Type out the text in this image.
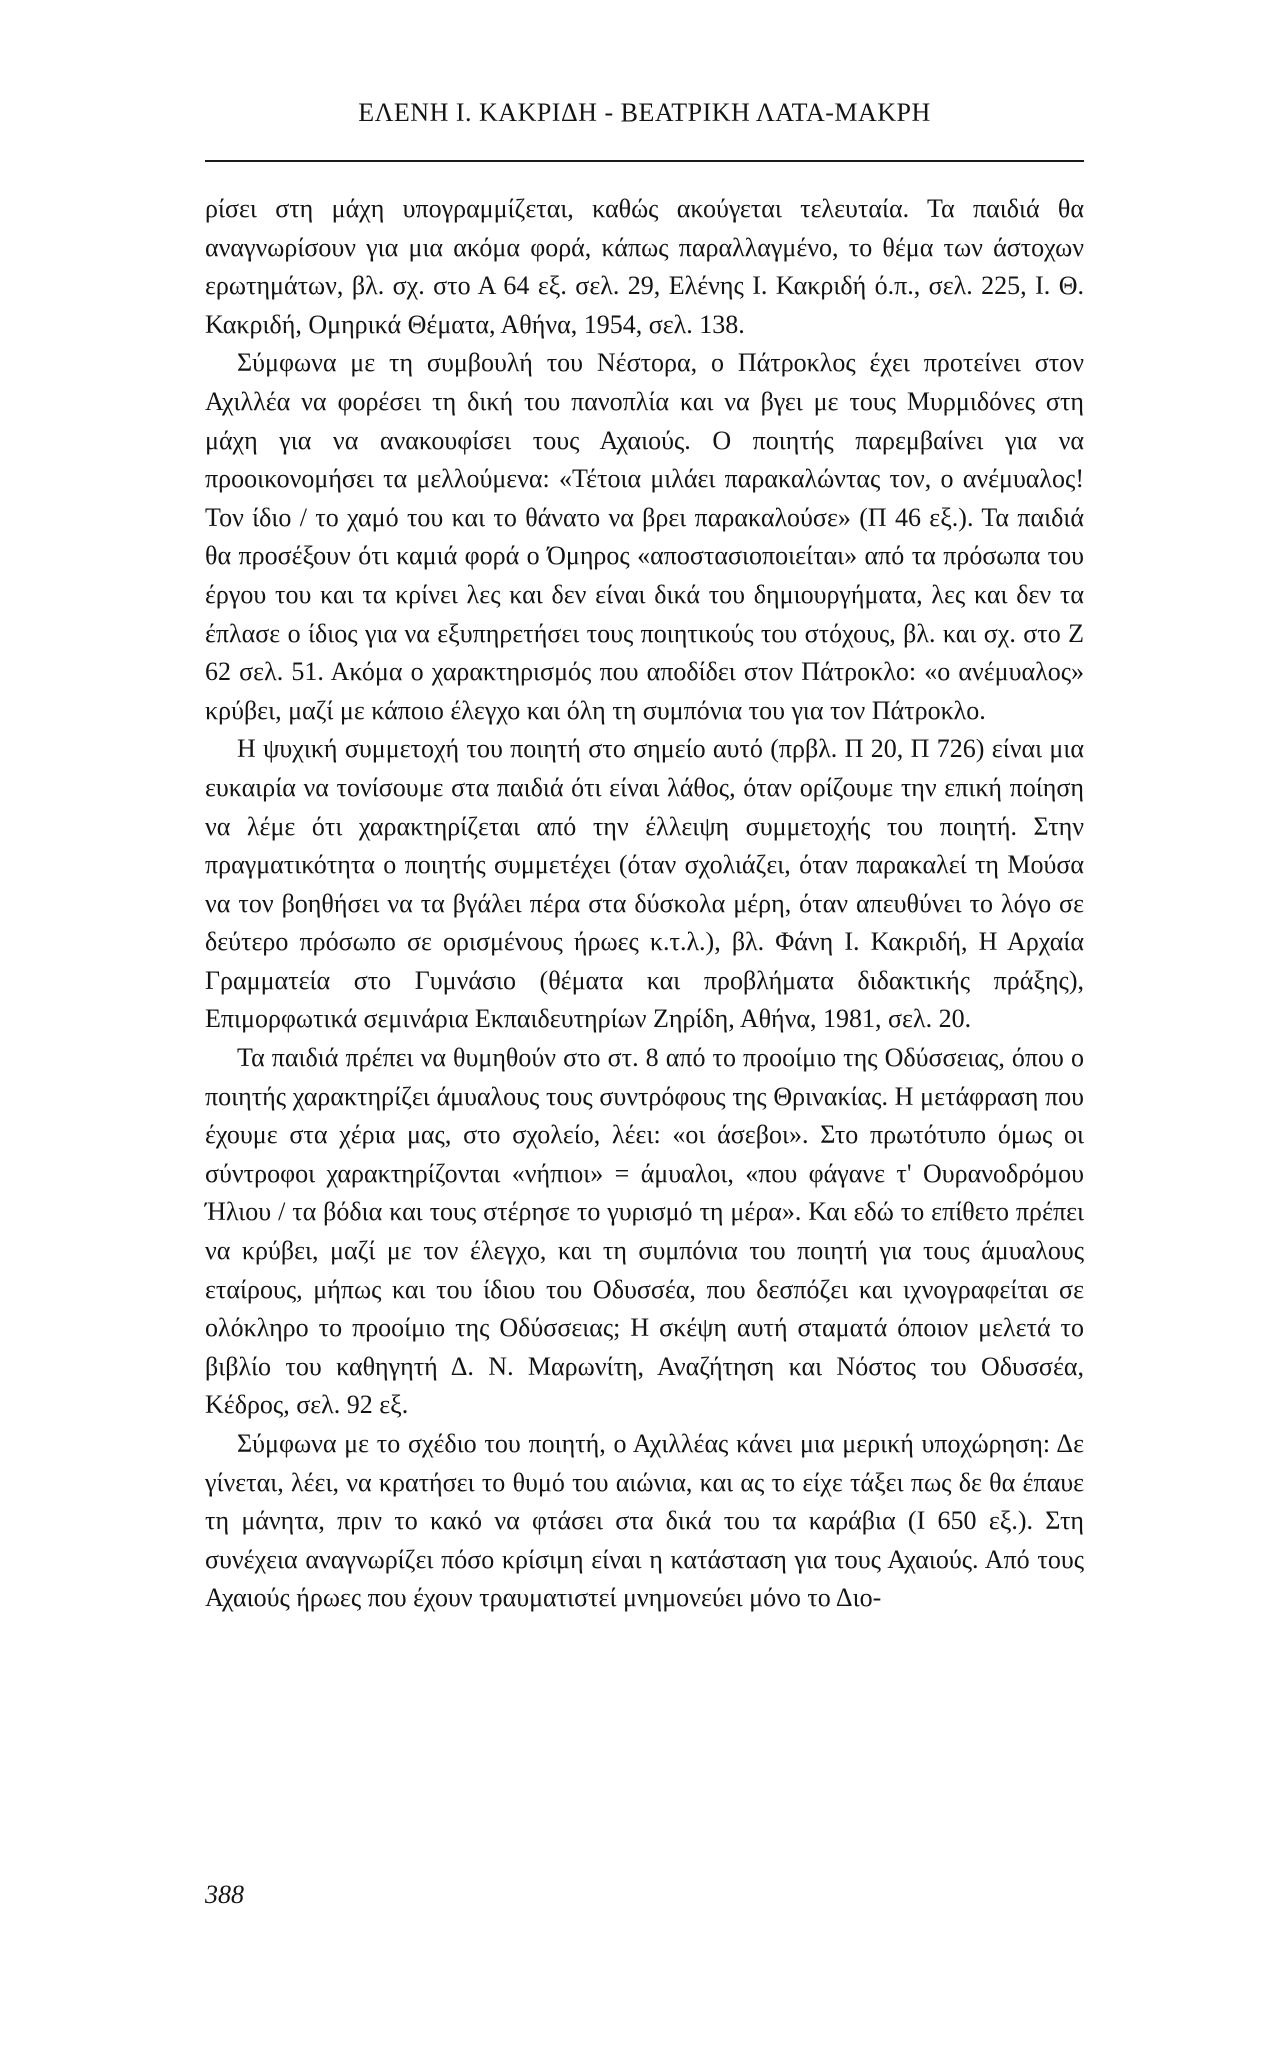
ΕΛΕΝΗ Ι. ΚΑΚΡΙΔΗ - ΒΕΑΤΡΙΚΗ ΛΑΤΑ-ΜΑΚΡΗ

ρίσει στη μάχη υπογραμμίζεται, καθώς ακούγεται τελευταία. Τα παιδιά θα αναγνωρίσουν για μια ακόμα φορά, κάπως παραλλαγμένο, το θέμα των άστοχων ερωτημάτων, βλ. σχ. στο Α 64 εξ. σελ. 29, Ελένης Ι. Κακριδή ό.π., σελ. 225, Ι. Θ. Κακριδή, Ομηρικά Θέματα, Αθήνα, 1954, σελ. 138.

Σύμφωνα με τη συμβουλή του Νέστορα, ο Πάτροκλος έχει προτείνει στον Αχιλλέα να φορέσει τη δική του πανοπλία και να βγει με τους Μυρμιδόνες στη μάχη για να ανακουφίσει τους Αχαιούς. Ο ποιητής παρεμβαίνει για να προοικονομήσει τα μελλούμενα: «Τέτοια μιλάει παρακαλώντας τον, ο ανέμυαλος! Τον ίδιο / το χαμό του και το θάνατο να βρει παρακαλούσε» (Π 46 εξ.). Τα παιδιά θα προσέξουν ότι καμιά φορά ο Όμηρος «αποστασιοποιείται» από τα πρόσωπα του έργου του και τα κρίνει λες και δεν είναι δικά του δημιουργήματα, λες και δεν τα έπλασε ο ίδιος για να εξυπηρετήσει τους ποιητικούς του στόχους, βλ. και σχ. στο Ζ 62 σελ. 51. Ακόμα ο χαρακτηρισμός που αποδίδει στον Πάτροκλο: «ο ανέμυαλος» κρύβει, μαζί με κάποιο έλεγχο και όλη τη συμπόνια του για τον Πάτροκλο.

Η ψυχική συμμετοχή του ποιητή στο σημείο αυτό (πρβλ. Π 20, Π 726) είναι μια ευκαιρία να τονίσουμε στα παιδιά ότι είναι λάθος, όταν ορίζουμε την επική ποίηση να λέμε ότι χαρακτηρίζεται από την έλλειψη συμμετοχής του ποιητή. Στην πραγματικότητα ο ποιητής συμμετέχει (όταν σχολιάζει, όταν παρακαλεί τη Μούσα να τον βοηθήσει να τα βγάλει πέρα στα δύσκολα μέρη, όταν απευθύνει το λόγο σε δεύτερο πρόσωπο σε ορισμένους ήρωες κ.τ.λ.), βλ. Φάνη Ι. Κακριδή, Η Αρχαία Γραμματεία στο Γυμνάσιο (θέματα και προβλήματα διδακτικής πράξης), Επιμορφωτικά σεμινάρια Εκπαιδευτηρίων Ζηρίδη, Αθήνα, 1981, σελ. 20.

Τα παιδιά πρέπει να θυμηθούν στο στ. 8 από το προοίμιο της Οδύσσειας, όπου ο ποιητής χαρακτηρίζει άμυαλους τους συντρόφους της Θρινακίας. Η μετάφραση που έχουμε στα χέρια μας, στο σχολείο, λέει: «οι άσεβοι». Στο πρωτότυπο όμως οι σύντροφοι χαρακτηρίζονται «νήπιοι» = άμυαλοι, «που φάγανε τ' Ουρανοδρόμου Ήλιου / τα βόδια και τους στέρησε το γυρισμό τη μέρα». Και εδώ το επίθετο πρέπει να κρύβει, μαζί με τον έλεγχο, και τη συμπόνια του ποιητή για τους άμυαλους εταίρους, μήπως και του ίδιου του Οδυσσέα, που δεσπόζει και ιχνογραφείται σε ολόκληρο το προοίμιο της Οδύσσειας; Η σκέψη αυτή σταματά όποιον μελετά το βιβλίο του καθηγητή Δ. Ν. Μαρωνίτη, Αναζήτηση και Νόστος του Οδυσσέα, Κέδρος, σελ. 92 εξ.

Σύμφωνα με το σχέδιο του ποιητή, ο Αχιλλέας κάνει μια μερική υποχώρηση: Δε γίνεται, λέει, να κρατήσει το θυμό του αιώνια, και ας το είχε τάξει πως δε θα έπαυε τη μάνητα, πριν το κακό να φτάσει στα δικά του τα καράβια (Ι 650 εξ.). Στη συνέχεια αναγνωρίζει πόσο κρίσιμη είναι η κατάσταση για τους Αχαιούς. Από τους Αχαιούς ήρωες που έχουν τραυματιστεί μνημονεύει μόνο το Διο-

388
